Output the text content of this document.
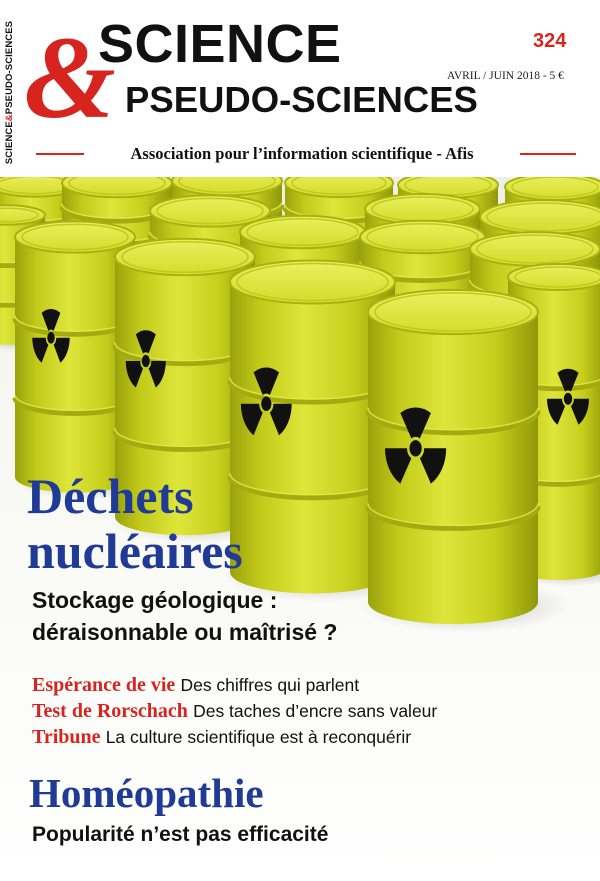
SCIENCE&PSEUDO-SCIENCES &
SCIENCE
PSEUDO-SCIENCES
324
AVRIL / JUIN 2018 - 5 €
Association pour l’information scientifique - Afis
Déchets
nucléaires
Stockage géologique :
déraisonnable ou maîtrisé ?
Espérance de vie Des chiffres qui parlent
Test de Rorschach Des taches d’encre sans valeur
Tribune La culture scientifique est à reconquérir
Homéopathie
Popularité n’est pas efficacité
